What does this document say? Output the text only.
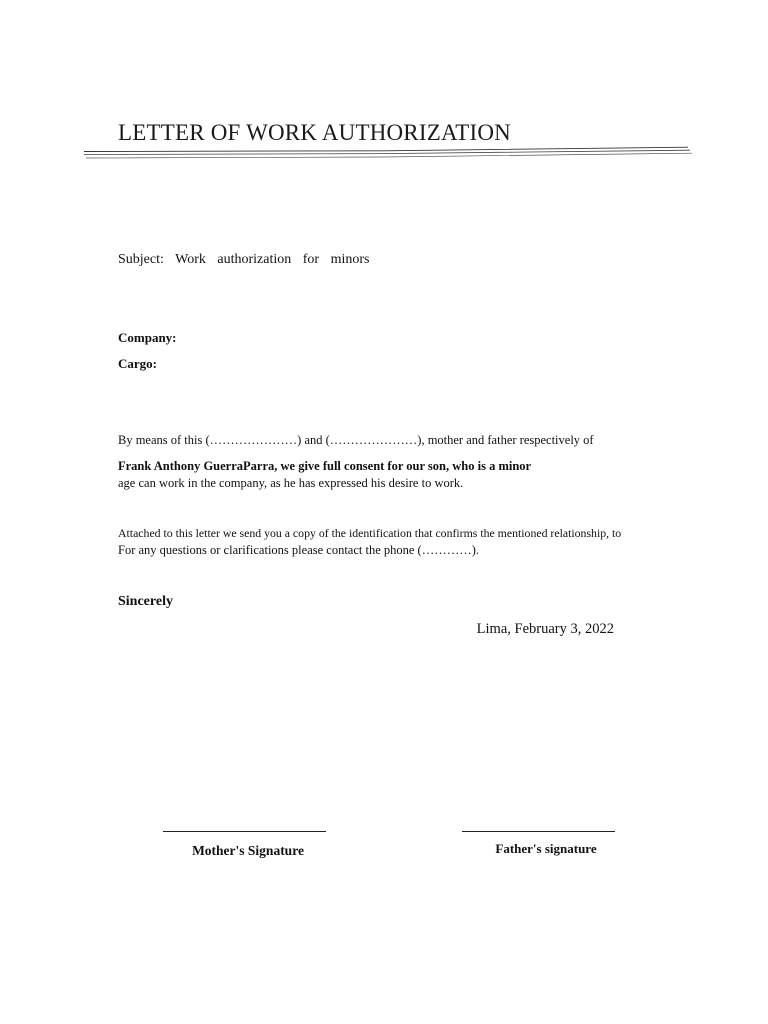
LETTER OF WORK AUTHORIZATION
Subject: Work authorization for minors
Company:
Cargo:
By means of this (…………………) and (…………………), mother and father respectively of
Frank Anthony GuerraParra, we give full consent for our son, who is a minor
age can work in the company, as he has expressed his desire to work.
Attached to this letter we send you a copy of the identification that confirms the mentioned relationship, to
For any questions or clarifications please contact the phone (…………).
Sincerely
Lima, February 3, 2022
Mother's Signature	Father's signature
